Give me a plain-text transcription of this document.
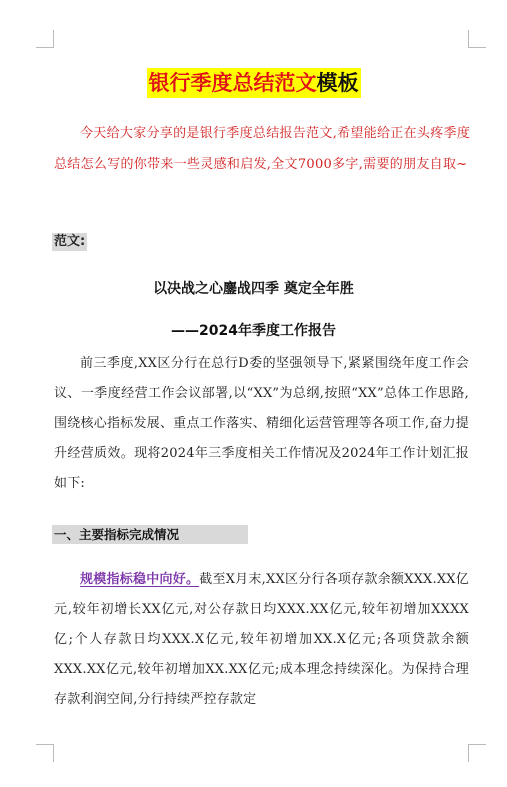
银行季度总结范文模板

今天给大家分享的是银行季度总结报告范文,希望能给正在头疼季度总结怎么写的你带来一些灵感和启发,全文7000多字,需要的朋友自取~

范文:
以决战之心鏖战四季 奠定全年胜
——2024年季度工作报告
前三季度,XX区分行在总行D委的坚强领导下,紧紧围绕年度工作会议、一季度经营工作会议部署,以“XX”为总纲,按照“XX”总体工作思路,围绕核心指标发展、重点工作落实、精细化运营管理等各项工作,奋力提升经营质效。现将2024年三季度相关工作情况及2024年工作计划汇报如下:
一、主要指标完成情况
规模指标稳中向好。截至X月末,XX区分行各项存款余额XXX.XX亿元,较年初增长XX亿元,对公存款日均XXX.XX亿元,较年初增加XXXX亿;个人存款日均XXX.X亿元,较年初增加XX.X亿元;各项贷款余额XXX.XX亿元,较年初增加XX.XX亿元;成本理念持续深化。为保持合理存款利润空间,分行持续严控存款定
